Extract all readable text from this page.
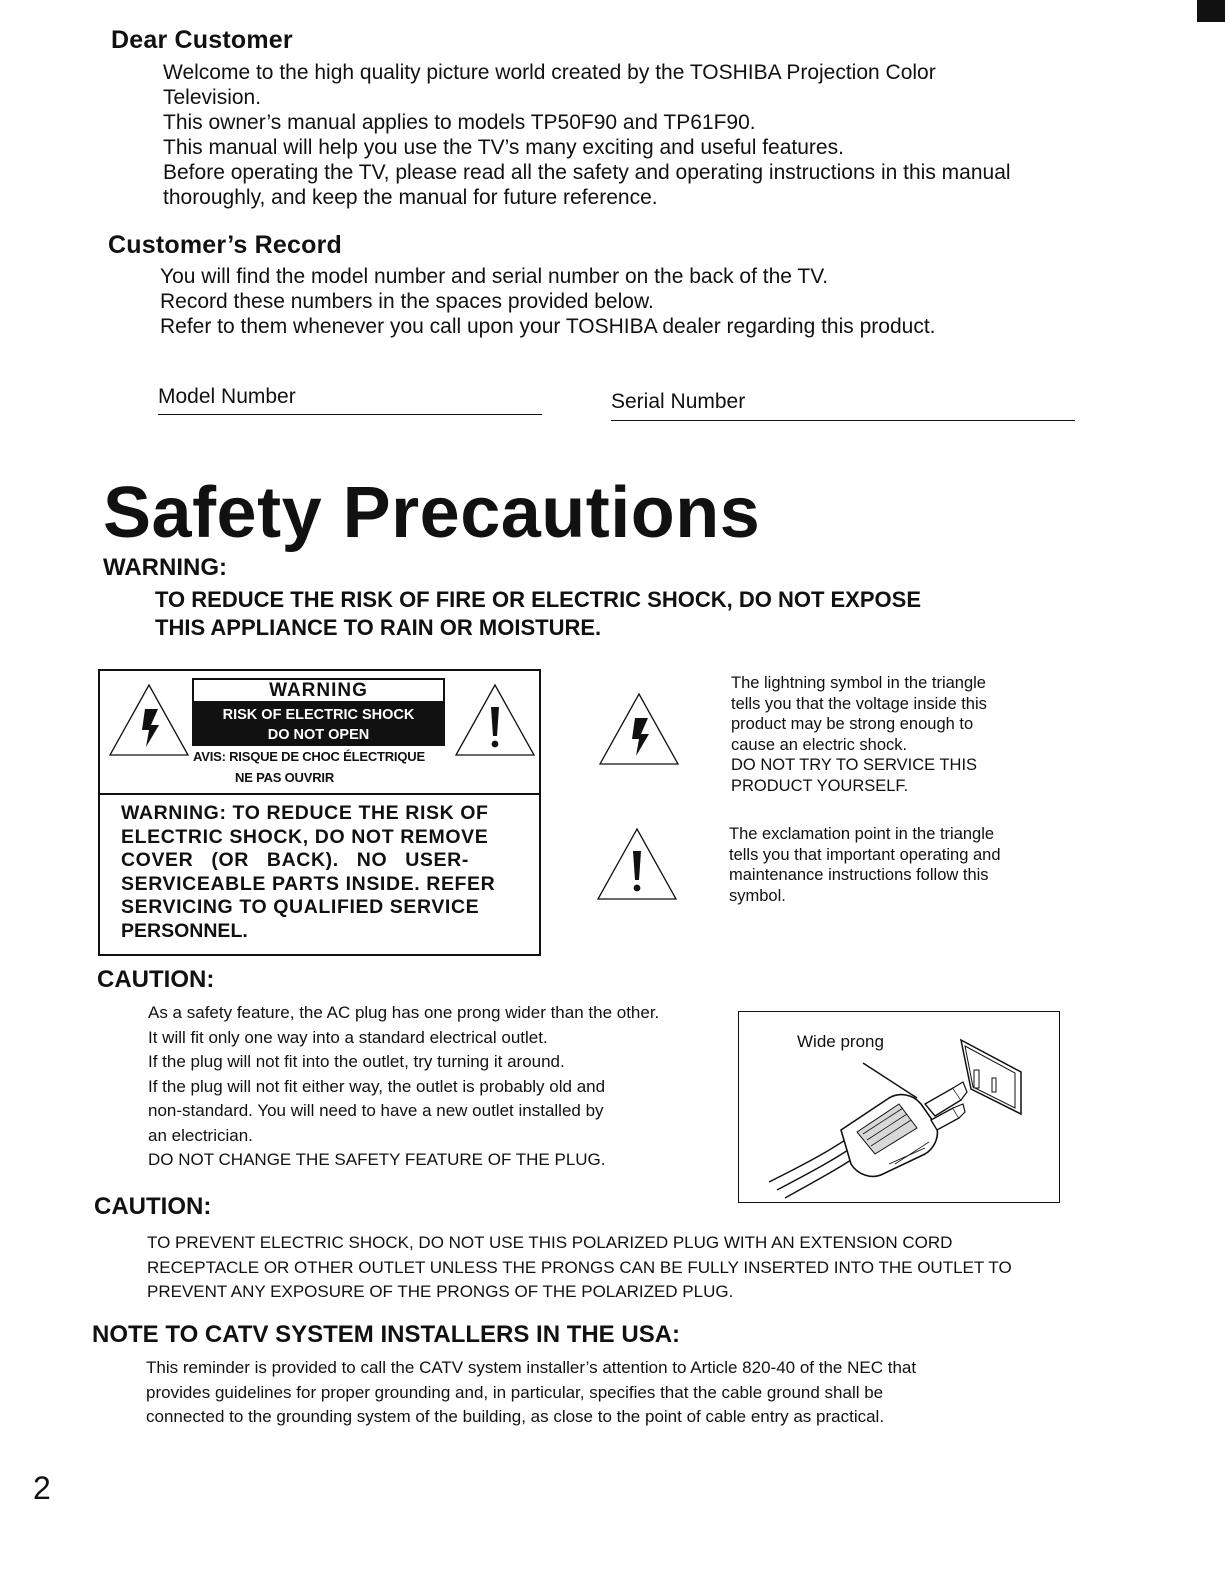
Dear Customer
Welcome to the high quality picture world created by the TOSHIBA Projection Color
Television.
This owner’s manual applies to models TP50F90 and TP61F90.
This manual will help you use the TV’s many exciting and useful features.
Before operating the TV, please read all the safety and operating instructions in this manual
thoroughly, and keep the manual for future reference.
Customer’s Record
You will find the model number and serial number on the back of the TV.
Record these numbers in the spaces provided below.
Refer to them whenever you call upon your TOSHIBA dealer regarding this product.
Model Number	Serial Number
Safety Precautions
WARNING:
TO REDUCE THE RISK OF FIRE OR ELECTRIC SHOCK, DO NOT EXPOSE
THIS APPLIANCE TO RAIN OR MOISTURE.
WARNING
RISK OF ELECTRIC SHOCK
DO NOT OPEN
AVIS: RISQUE DE CHOC ÉLECTRIQUE
NE PAS OUVRIR
WARNING: TO REDUCE THE RISK OF
ELECTRIC SHOCK, DO NOT REMOVE
COVER (OR BACK). NO USER-
SERVICEABLE PARTS INSIDE. REFER
SERVICING TO QUALIFIED SERVICE
PERSONNEL.
The lightning symbol in the triangle
tells you that the voltage inside this
product may be strong enough to
cause an electric shock.
DO NOT TRY TO SERVICE THIS
PRODUCT YOURSELF.
The exclamation point in the triangle
tells you that important operating and
maintenance instructions follow this
symbol.
CAUTION:
As a safety feature, the AC plug has one prong wider than the other.
It will fit only one way into a standard electrical outlet.
If the plug will not fit into the outlet, try turning it around.
If the plug will not fit either way, the outlet is probably old and
non-standard. You will need to have a new outlet installed by
an electrician.
DO NOT CHANGE THE SAFETY FEATURE OF THE PLUG.
Wide prong
CAUTION:
TO PREVENT ELECTRIC SHOCK, DO NOT USE THIS POLARIZED PLUG WITH AN EXTENSION CORD
RECEPTACLE OR OTHER OUTLET UNLESS THE PRONGS CAN BE FULLY INSERTED INTO THE OUTLET TO
PREVENT ANY EXPOSURE OF THE PRONGS OF THE POLARIZED PLUG.
NOTE TO CATV SYSTEM INSTALLERS IN THE USA:
This reminder is provided to call the CATV system installer’s attention to Article 820-40 of the NEC that
provides guidelines for proper grounding and, in particular, specifies that the cable ground shall be
connected to the grounding system of the building, as close to the point of cable entry as practical.
2
